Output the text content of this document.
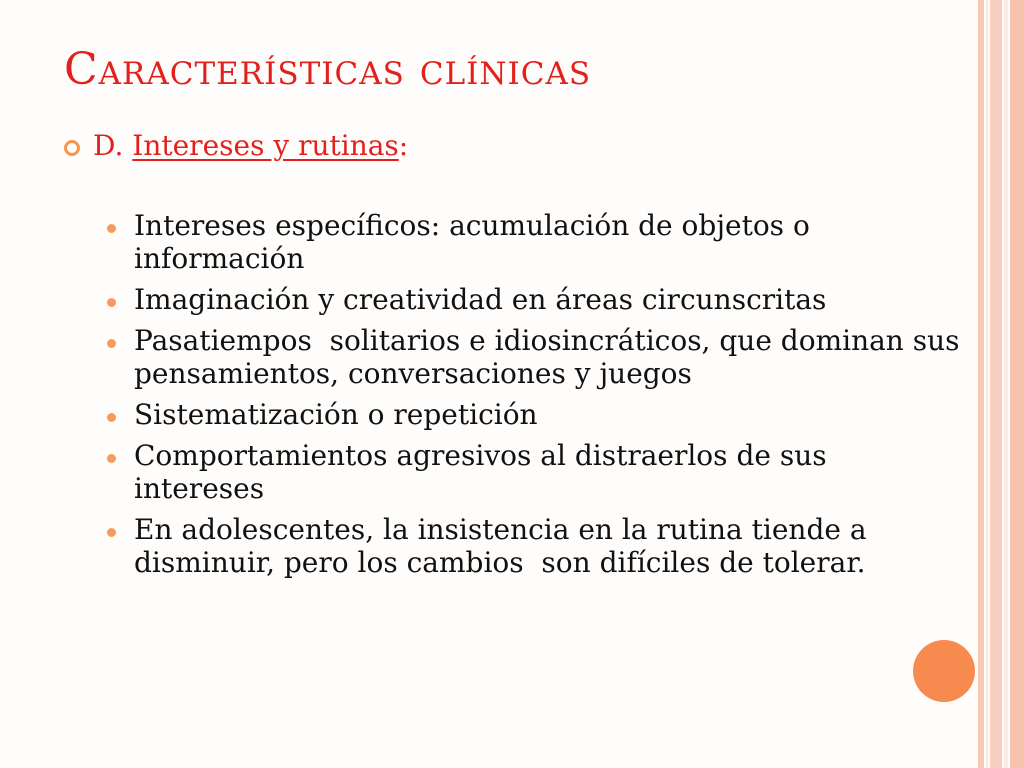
Características clínicas
D. Intereses y rutinas :
Intereses específicos: acumulación de objetos o información
Imaginación y creatividad en áreas circunscritas
Pasatiempos  solitarios e idiosincráticos, que dominan sus pensamientos, conversaciones y juegos
Sistematización o repetición
Comportamientos agresivos al distraerlos de sus intereses
En adolescentes, la insistencia en la rutina tiende a disminuir, pero los cambios  son difíciles de tolerar.
